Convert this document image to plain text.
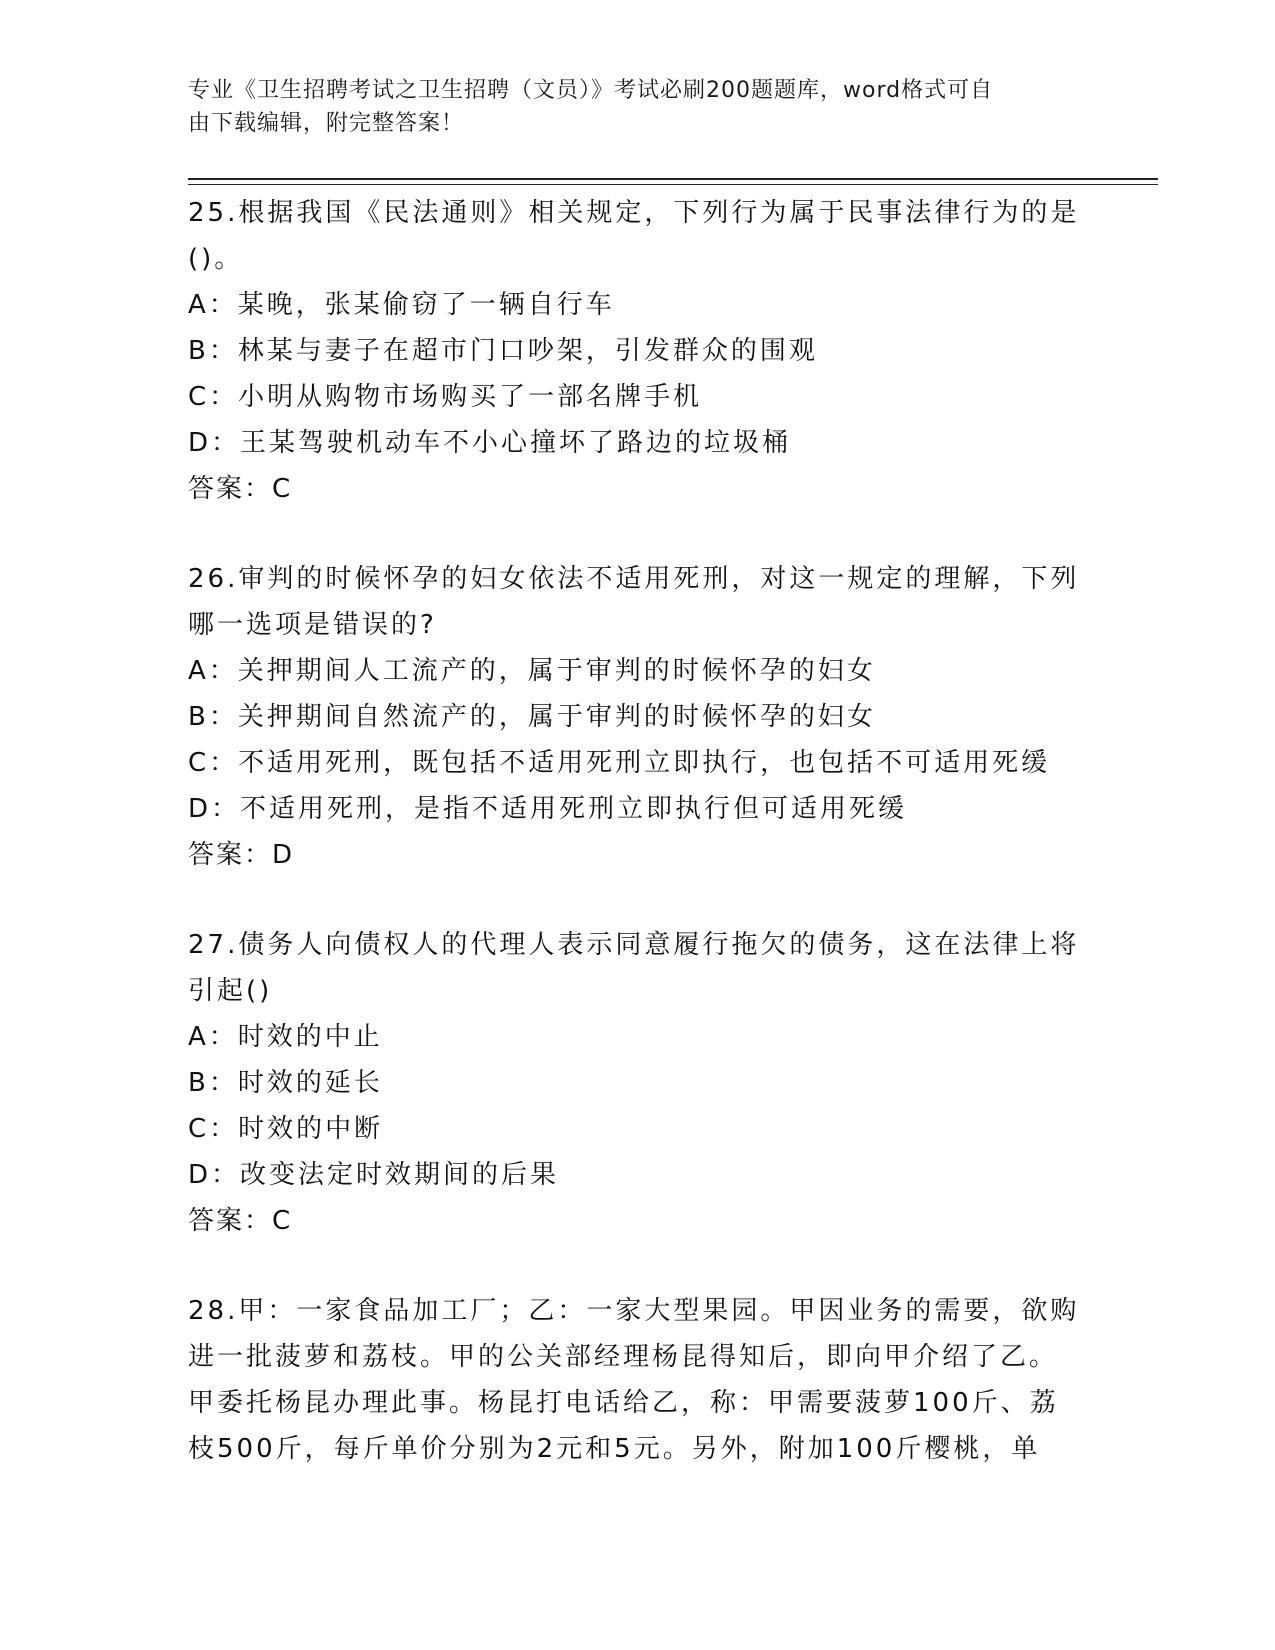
专业《卫生招聘考试之卫生招聘（文员）》考试必刷200题题库，word格式可自
由下载编辑，附完整答案！
25.根据我国《民法通则》相关规定，下列行为属于民事法律行为的是
()。
A：某晚，张某偷窃了一辆自行车
B：林某与妻子在超市门口吵架，引发群众的围观
C：小明从购物市场购买了一部名牌手机
D：王某驾驶机动车不小心撞坏了路边的垃圾桶
答案：C
26.审判的时候怀孕的妇女依法不适用死刑，对这一规定的理解，下列
哪一选项是错误的?
A：关押期间人工流产的，属于审判的时候怀孕的妇女
B：关押期间自然流产的，属于审判的时候怀孕的妇女
C：不适用死刑，既包括不适用死刑立即执行，也包括不可适用死缓
D：不适用死刑，是指不适用死刑立即执行但可适用死缓
答案：D
27.债务人向债权人的代理人表示同意履行拖欠的债务，这在法律上将
引起()
A：时效的中止
B：时效的延长
C：时效的中断
D：改变法定时效期间的后果
答案：C
28.甲：一家食品加工厂；乙：一家大型果园。甲因业务的需要，欲购
进一批菠萝和荔枝。甲的公关部经理杨昆得知后，即向甲介绍了乙。
甲委托杨昆办理此事。杨昆打电话给乙，称：甲需要菠萝100斤、荔
枝500斤，每斤单价分别为2元和5元。另外，附加100斤樱桃，单
